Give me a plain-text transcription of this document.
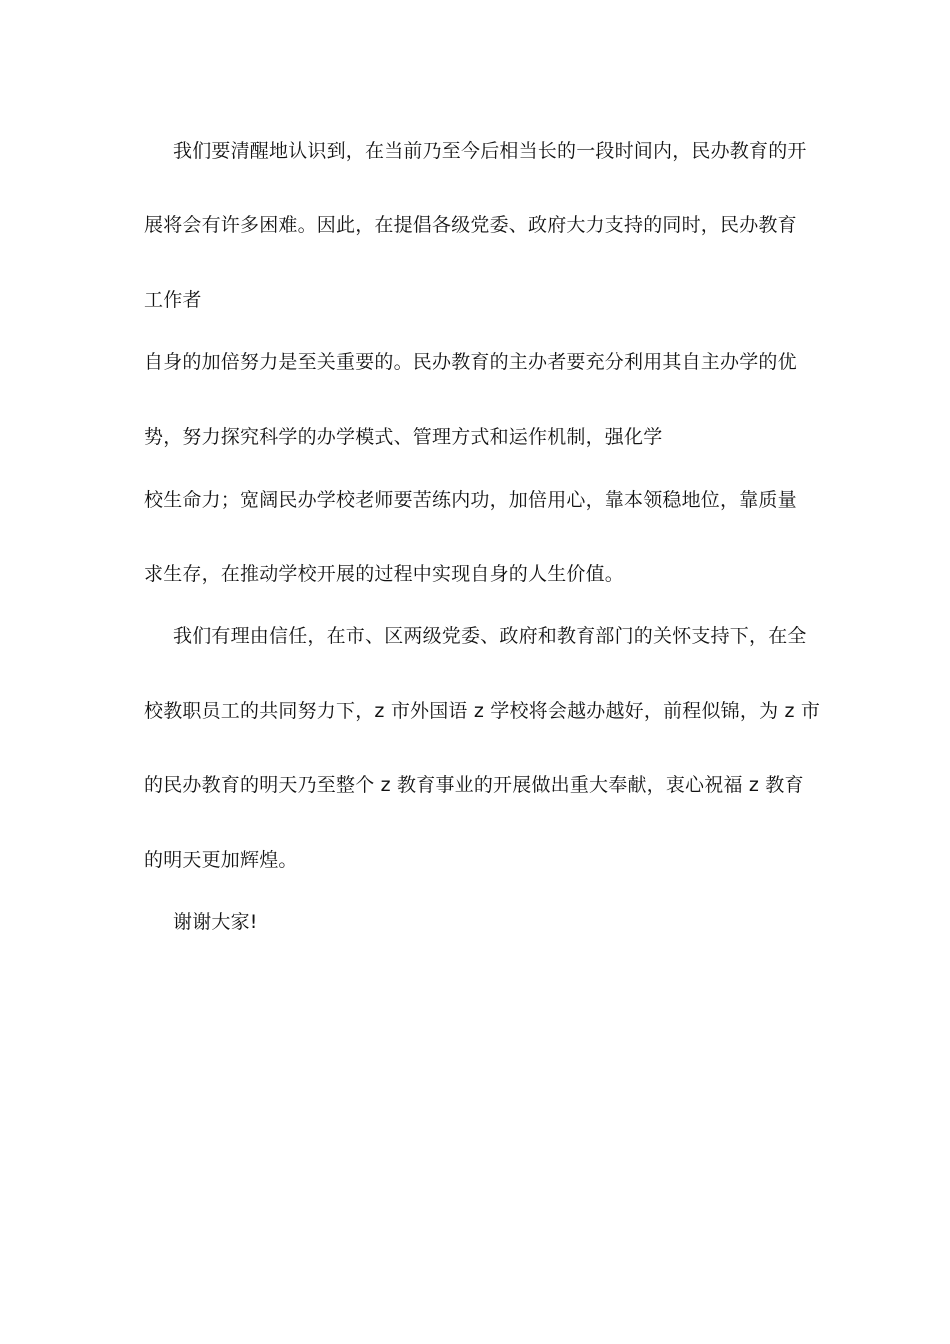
我们要清醒地认识到，在当前乃至今后相当长的一段时间内，民办教育的开
展将会有许多困难。因此，在提倡各级党委、政府大力支持的同时，民办教育
工作者
自身的加倍努力是至关重要的。民办教育的主办者要充分利用其自主办学的优
势，努力探究科学的办学模式、管理方式和运作机制，强化学
校生命力；宽阔民办学校老师要苦练内功，加倍用心，靠本领稳地位，靠质量
求生存，在推动学校开展的过程中实现自身的人生价值。
我们有理由信任，在市、区两级党委、政府和教育部门的关怀支持下，在全
校教职员工的共同努力下，z 市外国语 z 学校将会越办越好，前程似锦，为 z 市
的民办教育的明天乃至整个 z 教育事业的开展做出重大奉献，衷心祝福 z 教育
的明天更加辉煌。
谢谢大家!
